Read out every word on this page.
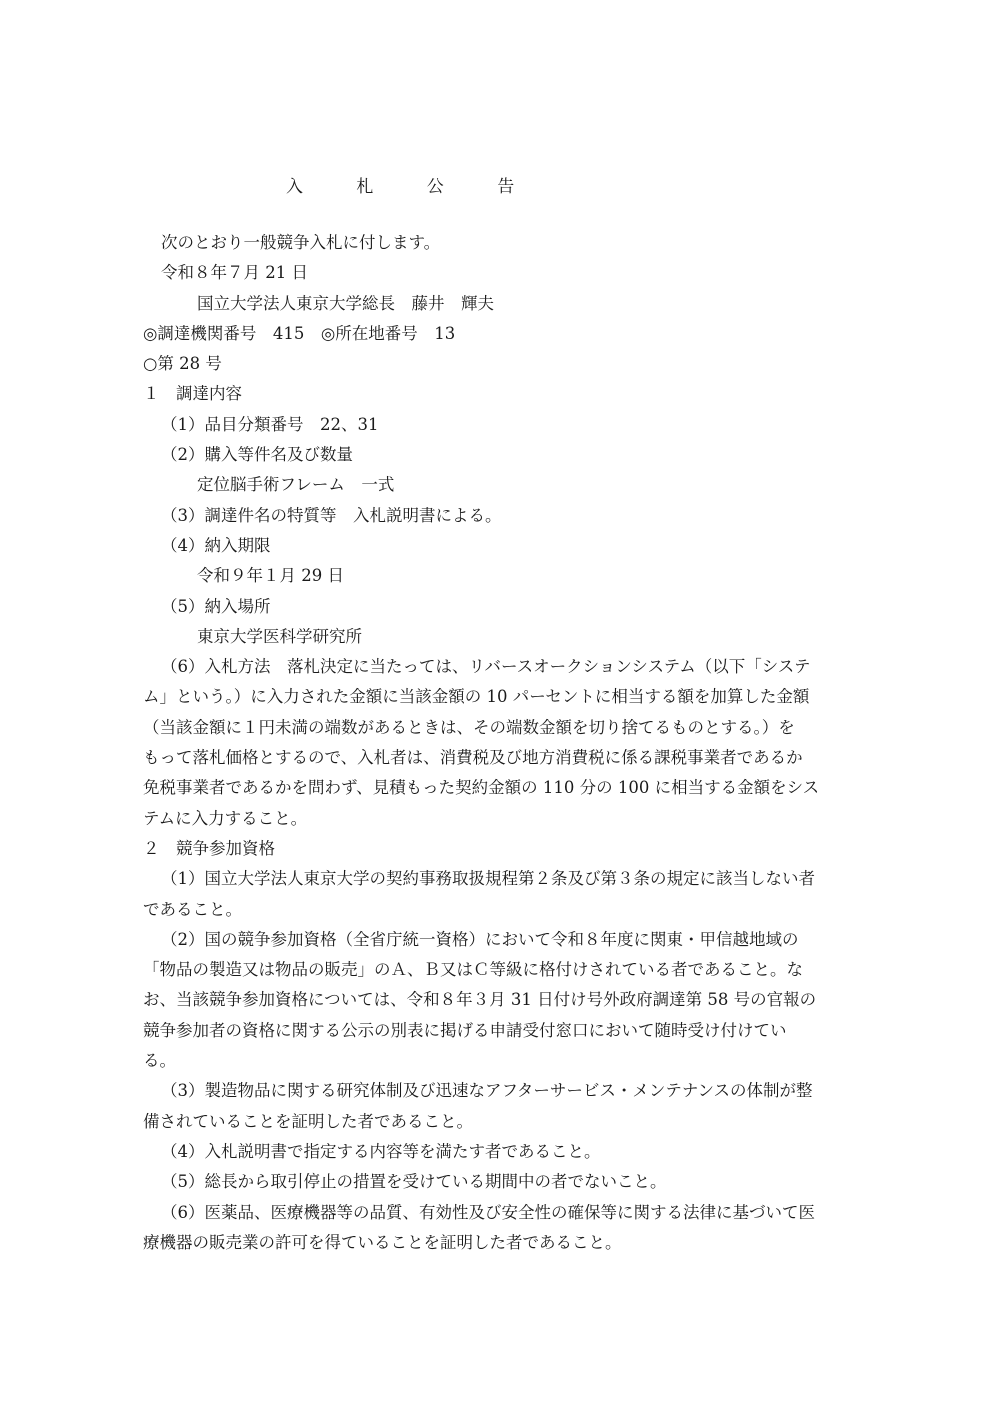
入 札 公 告
次のとおり一般競争入札に付します。
令和８年７月 21 日
国立大学法人東京大学総長　藤井　輝夫
◎調達機関番号　415　◎所在地番号　13
○第 28 号
１　調達内容
（1）品目分類番号　22、31
（2）購入等件名及び数量
定位脳手術フレーム　一式
（3）調達件名の特質等　入札説明書による。
（4）納入期限
令和９年１月 29 日
（5）納入場所
東京大学医科学研究所
（6）入札方法　落札決定に当たっては、リバースオークションシステム（以下「システ
ム」という。）に入力された金額に当該金額の 10 パーセントに相当する額を加算した金額
（当該金額に１円未満の端数があるときは、その端数金額を切り捨てるものとする。）を
もって落札価格とするので、入札者は、消費税及び地方消費税に係る課税事業者であるか
免税事業者であるかを問わず、見積もった契約金額の 110 分の 100 に相当する金額をシス
テムに入力すること。
２　競争参加資格
（1）国立大学法人東京大学の契約事務取扱規程第２条及び第３条の規定に該当しない者
であること。
（2）国の競争参加資格（全省庁統一資格）において令和８年度に関東・甲信越地域の
「物品の製造又は物品の販売」のＡ、Ｂ又はＣ等級に格付けされている者であること。な
お、当該競争参加資格については、令和８年３月 31 日付け号外政府調達第 58 号の官報の
競争参加者の資格に関する公示の別表に掲げる申請受付窓口において随時受け付けてい
る。
（3）製造物品に関する研究体制及び迅速なアフターサービス・メンテナンスの体制が整
備されていることを証明した者であること。
（4）入札説明書で指定する内容等を満たす者であること。
（5）総長から取引停止の措置を受けている期間中の者でないこと。
（6）医薬品、医療機器等の品質、有効性及び安全性の確保等に関する法律に基づいて医
療機器の販売業の許可を得ていることを証明した者であること。
